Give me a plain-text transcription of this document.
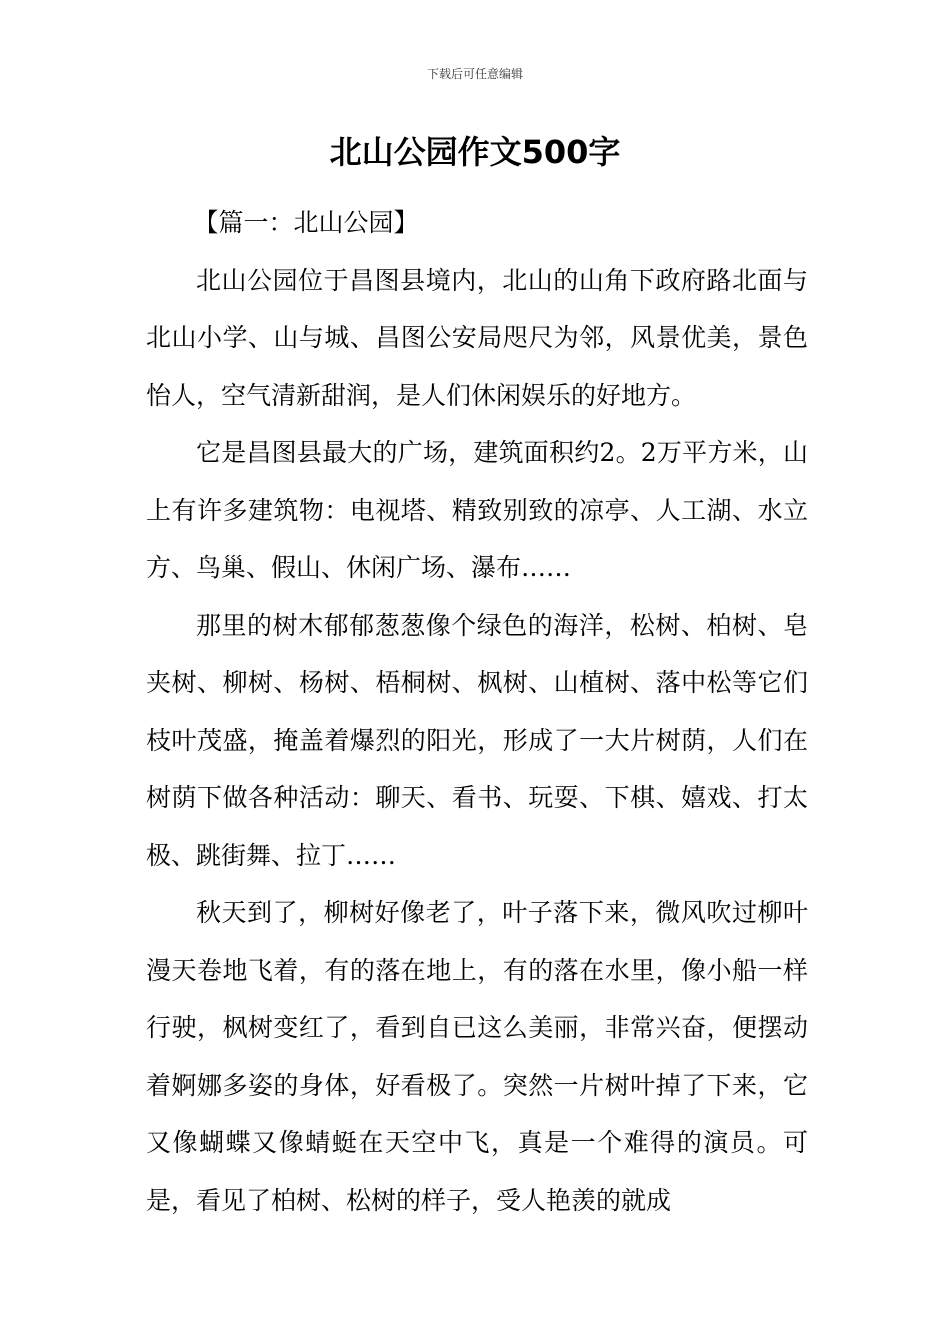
下载后可任意编辑
北山公园作文500字

【篇一：北山公园】

北山公园位于昌图县境内，北山的山角下政府路北面与北山小学、山与城、昌图公安局咫尺为邻，风景优美，景色怡人，空气清新甜润，是人们休闲娱乐的好地方。

它是昌图县最大的广场，建筑面积约2。2万平方米，山上有许多建筑物：电视塔、精致别致的凉亭、人工湖、水立方、鸟巢、假山、休闲广场、瀑布……

那里的树木郁郁葱葱像个绿色的海洋，松树、柏树、皂夹树、柳树、杨树、梧桐树、枫树、山植树、落中松等它们枝叶茂盛，掩盖着爆烈的阳光，形成了一大片树荫，人们在树荫下做各种活动：聊天、看书、玩耍、下棋、嬉戏、打太极、跳街舞、拉丁……

秋天到了，柳树好像老了，叶子落下来，微风吹过柳叶漫天卷地飞着，有的落在地上，有的落在水里，像小船一样行驶，枫树变红了，看到自已这么美丽，非常兴奋，便摆动着婀娜多姿的身体，好看极了。突然一片树叶掉了下来，它又像蝴蝶又像蜻蜓在天空中飞，真是一个难得的演员。可是，看见了柏树、松树的样子，受人艳羡的就成
